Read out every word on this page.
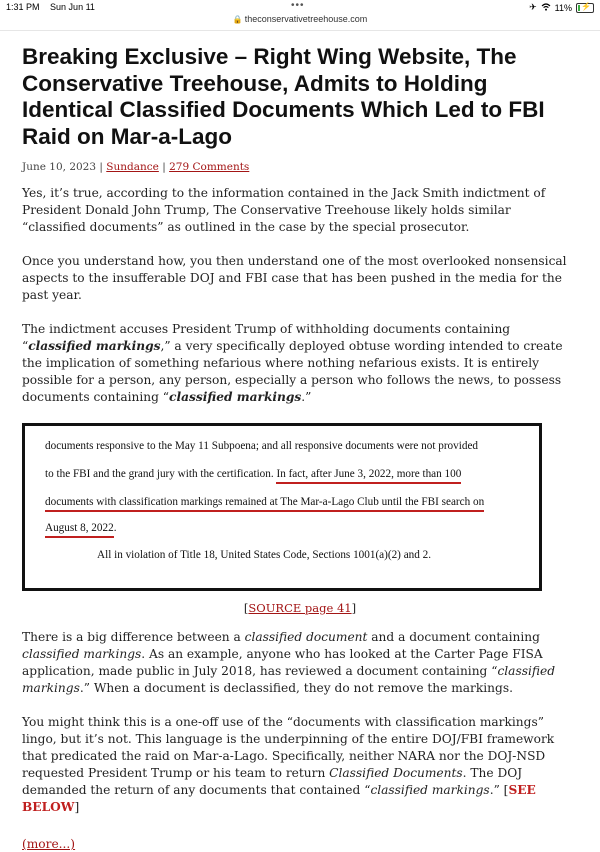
1:31 PM Sun Jun 11	✈ 11% ⚡
•••
🔒 theconservativetreehouse.com
Breaking Exclusive – Right Wing Website, The Conservative Treehouse, Admits to Holding Identical Classified Documents Which Led to FBI Raid on Mar-a-Lago
June 10, 2023 | Sundance | 279 Comments

Yes, it’s true, according to the information contained in the Jack Smith indictment of President Donald John Trump, The Conservative Treehouse likely holds similar “classified documents” as outlined in the case by the special prosecutor.

Once you understand how, you then understand one of the most overlooked nonsensical aspects to the insufferable DOJ and FBI case that has been pushed in the media for the past year.

The indictment accuses President Trump of withholding documents containing “classified markings,” a very specifically deployed obtuse wording intended to create the implication of something nefarious where nothing nefarious exists. It is entirely possible for a person, any person, especially a person who follows the news, to possess documents containing “classified markings.”

documents responsive to the May 11 Subpoena; and all responsive documents were not provided
to the FBI and the grand jury with the certification. In fact, after June 3, 2022, more than 100
documents with classification markings remained at The Mar-a-Lago Club until the FBI search on
August 8, 2022.
All in violation of Title 18, United States Code, Sections 1001(a)(2) and 2.
[SOURCE page 41]

There is a big difference between a classified document and a document containing classified markings. As an example, anyone who has looked at the Carter Page FISA application, made public in July 2018, has reviewed a document containing “classified markings.” When a document is declassified, they do not remove the markings.

You might think this is a one-off use of the “documents with classification markings” lingo, but it’s not. This language is the underpinning of the entire DOJ/FBI framework that predicated the raid on Mar-a-Lago. Specifically, neither NARA nor the DOJ-NSD requested President Trump or his team to return Classified Documents. The DOJ demanded the return of any documents that contained “classified markings.” [SEE BELOW]

(more...)
